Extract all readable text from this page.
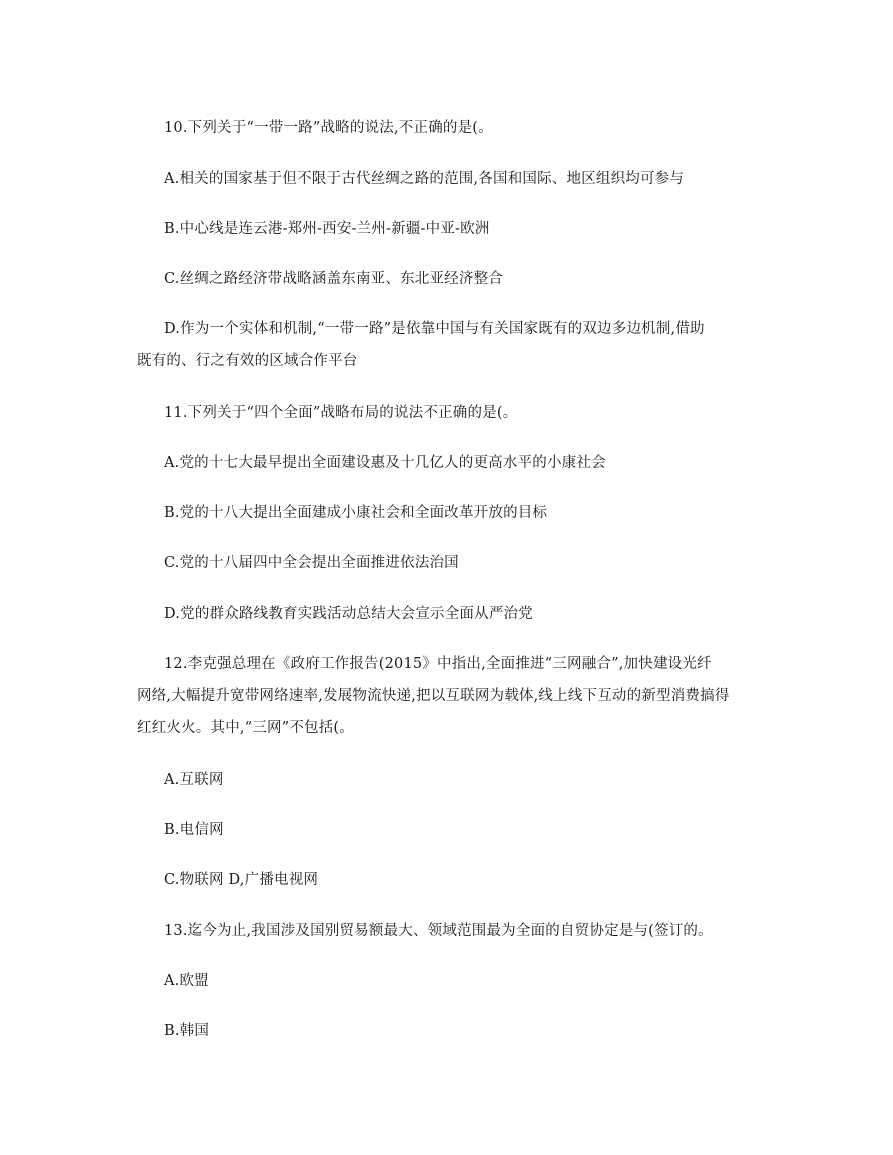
10.下列关于“一带一路”战略的说法,不正确的是(。
A.相关的国家基于但不限于古代丝绸之路的范围,各国和国际、地区组织均可参与
B.中心线是连云港-郑州-西安-兰州-新疆-中亚-欧洲
C.丝绸之路经济带战略涵盖东南亚、东北亚经济整合
D.作为一个实体和机制,“一带一路”是依靠中国与有关国家既有的双边多边机制,借助
既有的、行之有效的区域合作平台
11.下列关于“四个全面”战略布局的说法不正确的是(。
A.党的十七大最早提出全面建设惠及十几亿人的更高水平的小康社会
B.党的十八大提出全面建成小康社会和全面改革开放的目标
C.党的十八届四中全会提出全面推进依法治国
D.党的群众路线教育实践活动总结大会宣示全面从严治党
12.李克强总理在《政府工作报告(2015》中指出,全面推进“三网融合”,加快建设光纤
网络,大幅提升宽带网络速率,发展物流快递,把以互联网为载体,线上线下互动的新型消费搞得
红红火火。其中,“三网”不包括(。
A.互联网
B.电信网
C.物联网 D,广播电视网
13.迄今为止,我国涉及国别贸易额最大、领域范围最为全面的自贸协定是与(签订的。
A.欧盟
B.韩国
